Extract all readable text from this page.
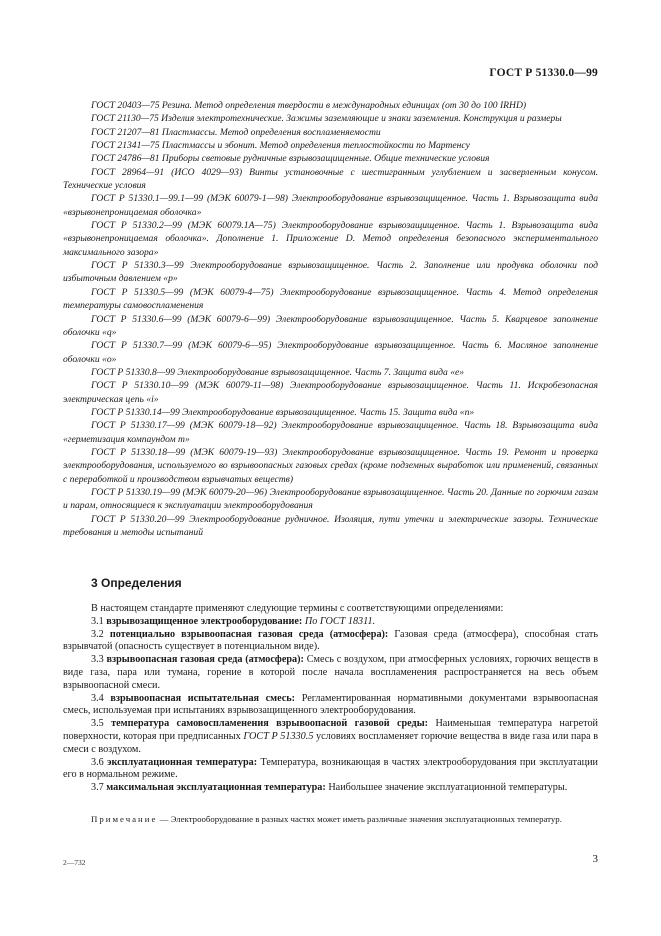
ГОСТ Р 51330.0—99

ГОСТ 20403—75 Резина. Метод определения твердости в международных единицах (от 30 до 100 IRHD)

ГОСТ 21130—75 Изделия электротехнические. Зажимы заземляющие и знаки заземления. Конструкция и размеры

ГОСТ 21207—81 Пластмассы. Метод определения воспламеняемости

ГОСТ 21341—75 Пластмассы и эбонит. Метод определения теплостойкости по Мартенсу

ГОСТ 24786—81 Приборы световые рудничные взрывозащищенные. Общие технические условия

ГОСТ 28964—91 (ИСО 4029—93) Винты установочные с шестигранным углублением и засверленным конусом. Технические условия

ГОСТ Р 51330.1—99.1—99 (МЭК 60079-1—98) Электрооборудование взрывозащищенное. Часть 1. Взрывозащита вида «взрывонепроницаемая оболочка»

ГОСТ Р 51330.2—99 (МЭК 60079.1А—75) Электрооборудование взрывозащищенное. Часть 1. Взрывозащита вида «взрывонепроницаемая оболочка». Дополнение 1. Приложение D. Метод определения безопасного экспериментального максимального зазора»

ГОСТ Р 51330.3—99 Электрооборудование взрывозащищенное. Часть 2. Заполнение или продувка оболочки под избыточным давлением «р»

ГОСТ Р 51330.5—99 (МЭК 60079-4—75) Электрооборудование взрывозащищенное. Часть 4. Метод определения температуры самовоспламенения

ГОСТ Р 51330.6—99 (МЭК 60079-6—99) Электрооборудование взрывозащищенное. Часть 5. Кварцевое заполнение оболочки «q»

ГОСТ Р 51330.7—99 (МЭК 60079-6—95) Электрооборудование взрывозащищенное. Часть 6. Масляное заполнение оболочки «о»

ГОСТ Р 51330.8—99 Электрооборудование взрывозащищенное. Часть 7. Защита вида «е»

ГОСТ Р 51330.10—99 (МЭК 60079-11—98) Электрооборудование взрывозащищенное. Часть 11. Искробезопасная электрическая цепь «i»

ГОСТ Р 51330.14—99 Электрооборудование взрывозащищенное. Часть 15. Защита вида «n»

ГОСТ Р 51330.17—99 (МЭК 60079-18—92) Электрооборудование взрывозащищенное. Часть 18. Взрывозащита вида «герметизация компаундом т»

ГОСТ Р 51330.18—99 (МЭК 60079-19—93) Электрооборудование взрывозащищенное. Часть 19. Ремонт и проверка электрооборудования, используемого во взрывоопасных газовых средах (кроме подземных выработок или применений, связанных с переработкой и производством взрывчатых веществ)

ГОСТ Р 51330.19—99 (МЭК 60079-20—96) Электрооборудование взрывозащищенное. Часть 20. Данные по горючим газам и парам, относящиеся к эксплуатации электрооборудования

ГОСТ Р 51330.20—99 Электрооборудование рудничное. Изоляция, пути утечки и электрические зазоры. Технические требования и методы испытаний

3 Определения

В настоящем стандарте применяют следующие термины с соответствующими определениями:

3.1 взрывозащищенное электрооборудование: По ГОСТ 18311.

3.2 потенциально взрывоопасная газовая среда (атмосфера): Газовая среда (атмосфера), способная стать взрывчатой (опасность существует в потенциальном виде).

3.3 взрывоопасная газовая среда (атмосфера): Смесь с воздухом, при атмосферных условиях, горючих веществ в виде газа, пара или тумана, горение в которой после начала воспламенения распространяется на весь объем взрывоопасной смеси.

3.4 взрывоопасная испытательная смесь: Регламентированная нормативными документами взрывоопасная смесь, используемая при испытаниях взрывозащищенного электрооборудования.

3.5 температура самовоспламенения взрывоопасной газовой среды: Наименьшая температура нагретой поверхности, которая при предписанных ГОСТ Р 51330.5 условиях воспламеняет горючие вещества в виде газа или пара в смеси с воздухом.

3.6 эксплуатационная температура: Температура, возникающая в частях электрооборудования при эксплуатации его в нормальном режиме.

3.7 максимальная эксплуатационная температура: Наибольшее значение эксплуатационной температуры.

Примечание — Электрооборудование в разных частях может иметь различные значения эксплуатационных температур.

2—732	3
